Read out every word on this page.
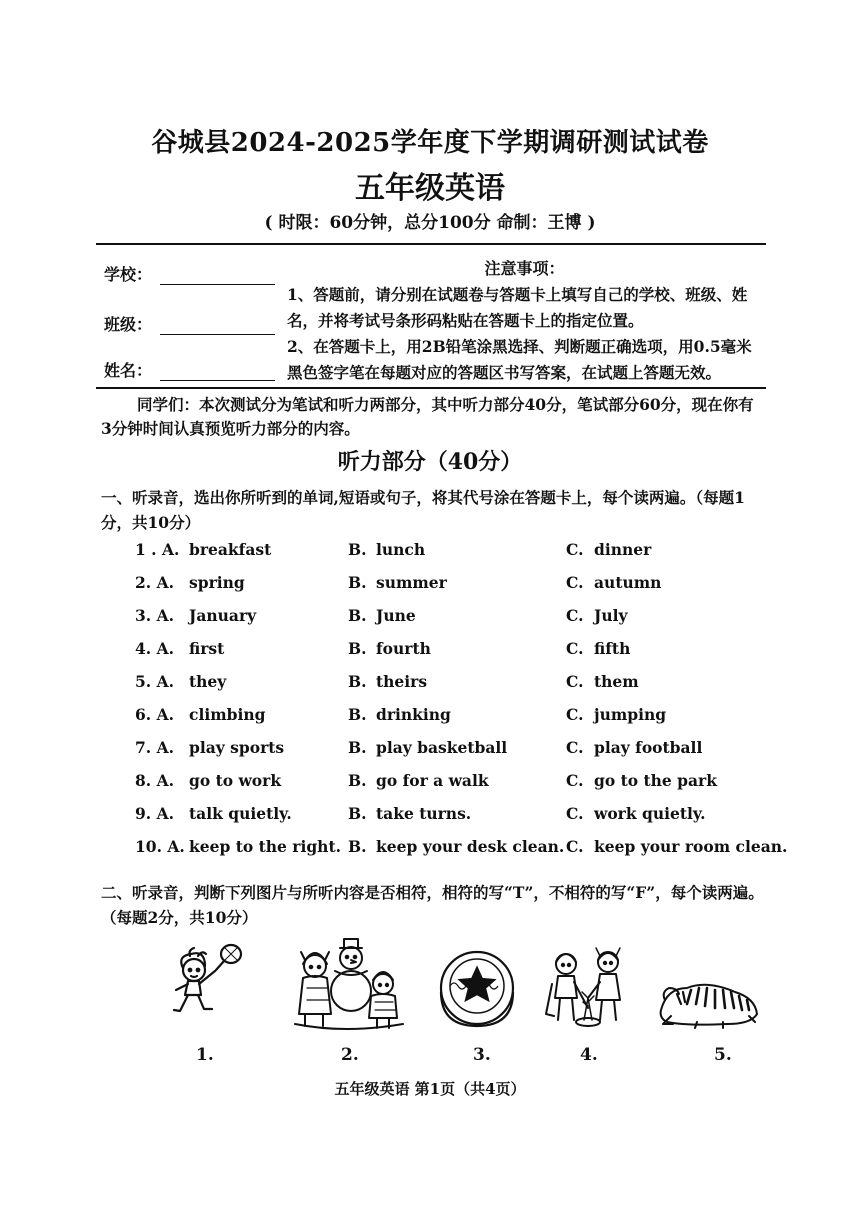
谷城县2024-2025学年度下学期调研测试试卷
五年级英语
( 时限：60分钟，总分100分 命制：王博 )
学校：
班级：
姓名：
注意事项：
1、答题前，请分别在试题卷与答题卡上填写自己的学校、班级、姓名，并将考试号条形码粘贴在答题卡上的指定位置。
2、在答题卡上，用2B铅笔涂黑选择、判断题正确选项，用0.5毫米黑色签字笔在每题对应的答题区书写答案，在试题上答题无效。
同学们：本次测试分为笔试和听力两部分，其中听力部分40分，笔试部分60分，现在你有3分钟时间认真预览听力部分的内容。
听力部分（40分）
一、听录音，选出你所听到的单词,短语或句子，将其代号涂在答题卡上，每个读两遍。（每题1分，共10分）
1 . A. breakfast	B. lunch	C. dinner
2. A. spring	B. summer	C. autumn
3. A. January	B. June	C. July
4. A. first	B. fourth	C. fifth
5. A. they	B. theirs	C. them
6. A. climbing	B. drinking	C. jumping
7. A. play sports	B. play basketball	C. play football
8. A. go to work	B. go for a walk	C. go to the park
9. A. talk quietly.	B. take turns.	C. work quietly.
10. A. keep to the right. B. keep your desk clean. C. keep your room clean.
二、听录音，判断下列图片与所听内容是否相符，相符的写“T”，不相符的写“F”，每个读两遍。（每题2分，共10分）
1.	2.	3.	4.	5.
五年级英语 第1页（共4页）
